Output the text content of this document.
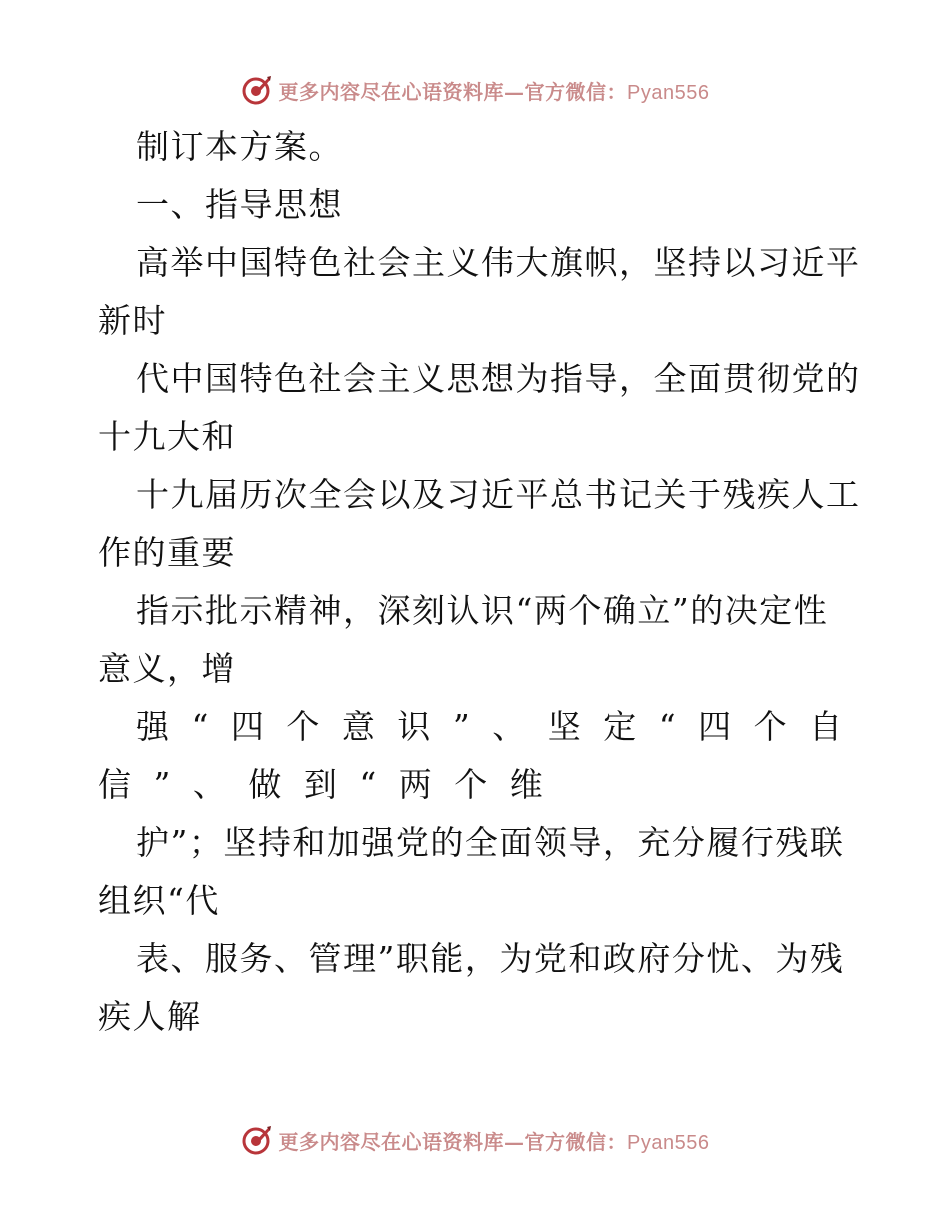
更多内容尽在心语资料库—官方微信：Pyan556
制订本方案。
一、指导思想
高举中国特色社会主义伟大旗帜，坚持以习近平
新时
代中国特色社会主义思想为指导，全面贯彻党的
十九大和
十九届历次全会以及习近平总书记关于残疾人工
作的重要
指示批示精神，深刻认识“两个确立”的决定性
意义，增
强“四个意识”、坚定“四个自
信”、做到“两个维
护”；坚持和加强党的全面领导，充分履行残联
组织“代
表、服务、管理”职能，为党和政府分忧、为残
疾人解
更多内容尽在心语资料库—官方微信：Pyan556
